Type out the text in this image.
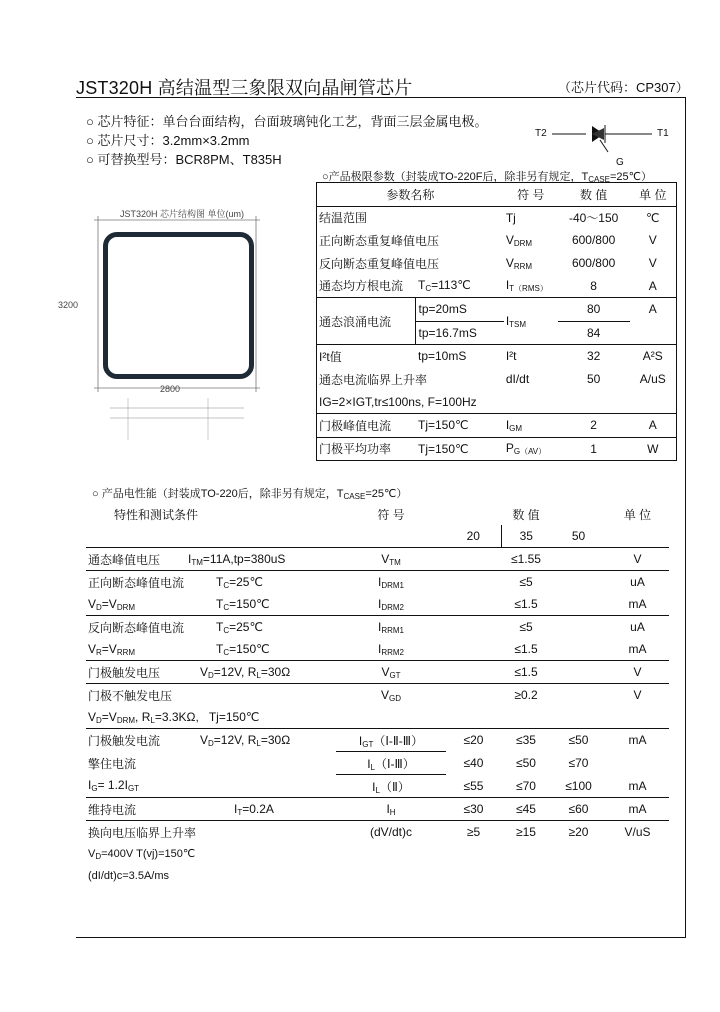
JST320H 高结温型三象限双向晶闸管芯片	（芯片代码：CP307）
○ 芯片特征：单台台面结构，台面玻璃钝化工艺，背面三层金属电极。
○ 芯片尺寸：3.2mm×3.2mm
○ 可替换型号：BCR8PM、T835H
T2	T1
G
JST320H 芯片结构图 单位(um)
3200
2800
○产品极限参数（封装成TO-220F后，除非另有规定，$T_{CASE}=25℃$）
参数名称		符 号	数 值	单 位
结温范围		Tj	-40～150	℃
正向断态重复峰值电压		$V_{DRM}$	600/800	V
反向断态重复峰值电压		$V_{RRM}$	600/800	V
通态均方根电流	$T_C=113℃$	$I_{T(RMS)}$	8	A
通态浪涌电流	tp=20mS	$I_{TSM}$	80	A
	tp=16.7mS		84	
I²t值	tp=10mS	I²t	32	A²S
通态电流临界上升率		dI/dt	50	A/uS
IG=2×IGT,tr≤100ns, F=100Hz				
门极峰值电流	Tj=150℃	$I_{GM}$	2	A
门极平均功率	Tj=150℃	$P_{G(AV)}$	1	W
○ 产品电性能（封装成TO-220后，除非另有规定，$T_{CASE}=25℃$）
特性和测试条件		符 号	数 值			单 位
			20	35	50	
通态峰值电压	$I_{TM}=11A,tp=380uS$	$V_{TM}$	≤1.55			V
正向断态峰值电流	$T_C=25℃$	$I_{DRM1}$	≤5			uA
$V_D=V_{DRM}$	$T_C=150℃$	$I_{DRM2}$	≤1.5			mA
反向断态峰值电流	$T_C=25℃$	$I_{RRM1}$	≤5			uA
$V_R=V_{RRM}$	$T_C=150℃$	$I_{RRM2}$	≤1.5			mA
门极触发电压	$V_D=12V$, $R_L=30\Omega$	$V_{GT}$	≤1.5			V
门极不触发电压		$V_{GD}$	≥0.2			V
$V_D=V_{DRM}$, $R_L=3.3K\Omega$, Tj=150℃						
门极触发电流	$V_D=12V$, $R_L=30\Omega$	$I_{GT}(Ⅰ-Ⅱ-Ⅲ)$	≤20	≤35	≤50	mA
擎住电流		$I_L(Ⅰ-Ⅲ)$	≤40	≤50	≤70	
$I_G= 1.2I_{GT}$		$I_L(Ⅱ)$	≤55	≤70	≤100	mA
维持电流	$I_T=0.2A$	$I_H$	≤30	≤45	≤60	mA
换向电压临界上升率		(dV/dt)c	≥5	≥15	≥20	V/uS
$V_D=400V$ T(vj)=150℃						
(dI/dt)c=3.5A/ms						
